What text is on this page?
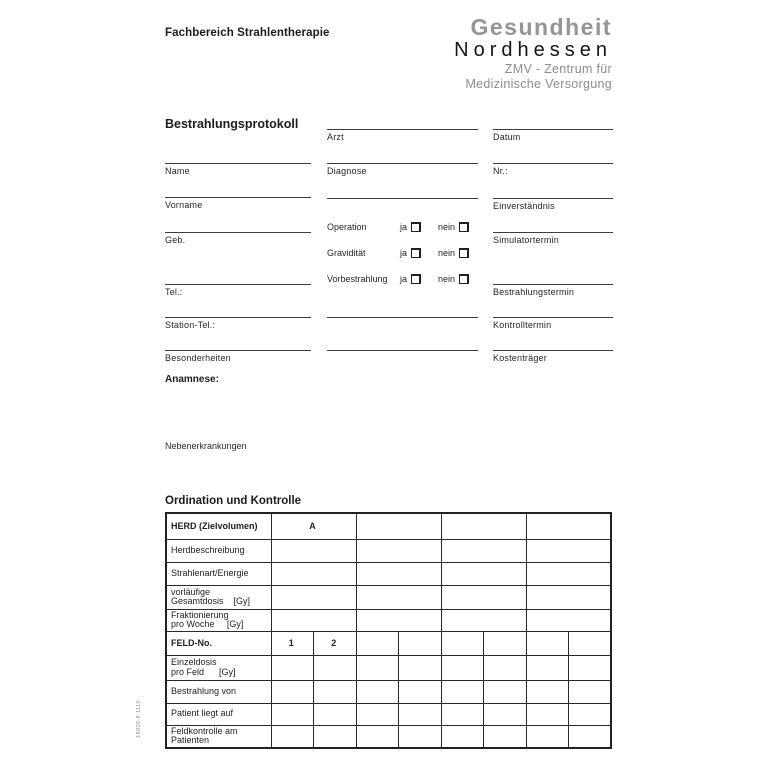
Fachbereich Strahlentherapie	Gesundheit
Nordhessen
ZMV - Zentrum für
Medizinische Versorgung
Bestrahlungsprotokoll
Name
Vorname
Geb.
Tel.:
Station-Tel.:
Besonderheiten
Arzt
Diagnose
Operation	ja	nein
Gravidität	ja	nein
Vorbestrahlung	ja	nein
Datum
Nr.:
Einverständnis
Simulatortermin
Bestrahlungstermin
Kontrolltermin
Kostenträger
Anamnese:
Nebenerkrankungen
Ordination und Kontrolle
HERD (Zielvolumen)	A							

Herdbeschreibung								

Strahlenart/Energie								

vorläufige
Gesamtdosis    [Gy]								

Fraktionierung
pro Woche     [Gy]								

FELD-No.	1	2						

Einzeldosis
pro Feld      [Gy]								

Bestrahlung von								

Patient liegt auf								

Feldkontrolle am
Patienten								

19026-8 1110
